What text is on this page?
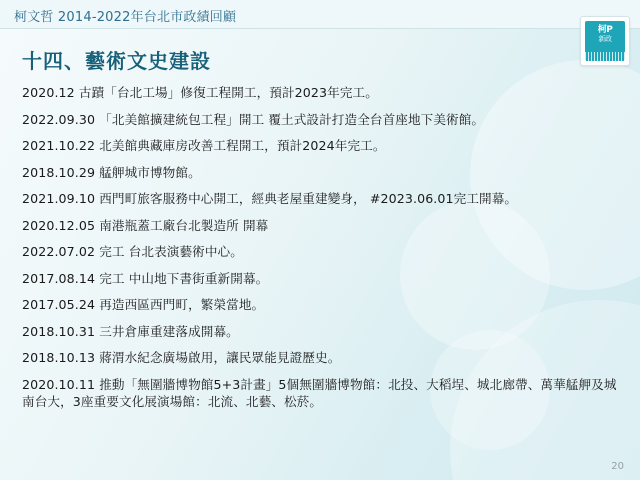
柯文哲 2014-2022年台北市政績回顧
柯P
新政
十四、藝術文史建設
2020.12 古蹟「台北工場」修復工程開工，預計2023年完工。
2022.09.30 「北美館擴建統包工程」開工 覆土式設計打造全台首座地下美術館。
2021.10.22 北美館典藏庫房改善工程開工，預計2024年完工。
2018.10.29 艋舺城市博物館。
2021.09.10 西門町旅客服務中心開工，經典老屋重建變身， #2023.06.01完工開幕。
2020.12.05 南港瓶蓋工廠台北製造所 開幕
2022.07.02 完工 台北表演藝術中心。
2017.08.14 完工 中山地下書街重新開幕。
2017.05.24 再造西區西門町，繁榮當地。
2018.10.31 三井倉庫重建落成開幕。
2018.10.13 蔣渭水紀念廣場啟用，讓民眾能見證歷史。
2020.10.11 推動「無圍牆博物館5+3計畫」5個無圍牆博物館：北投、大稻埕、城北廊帶、萬華艋舺及城南台大，3座重要文化展演場館：北流、北藝、松菸。
20
